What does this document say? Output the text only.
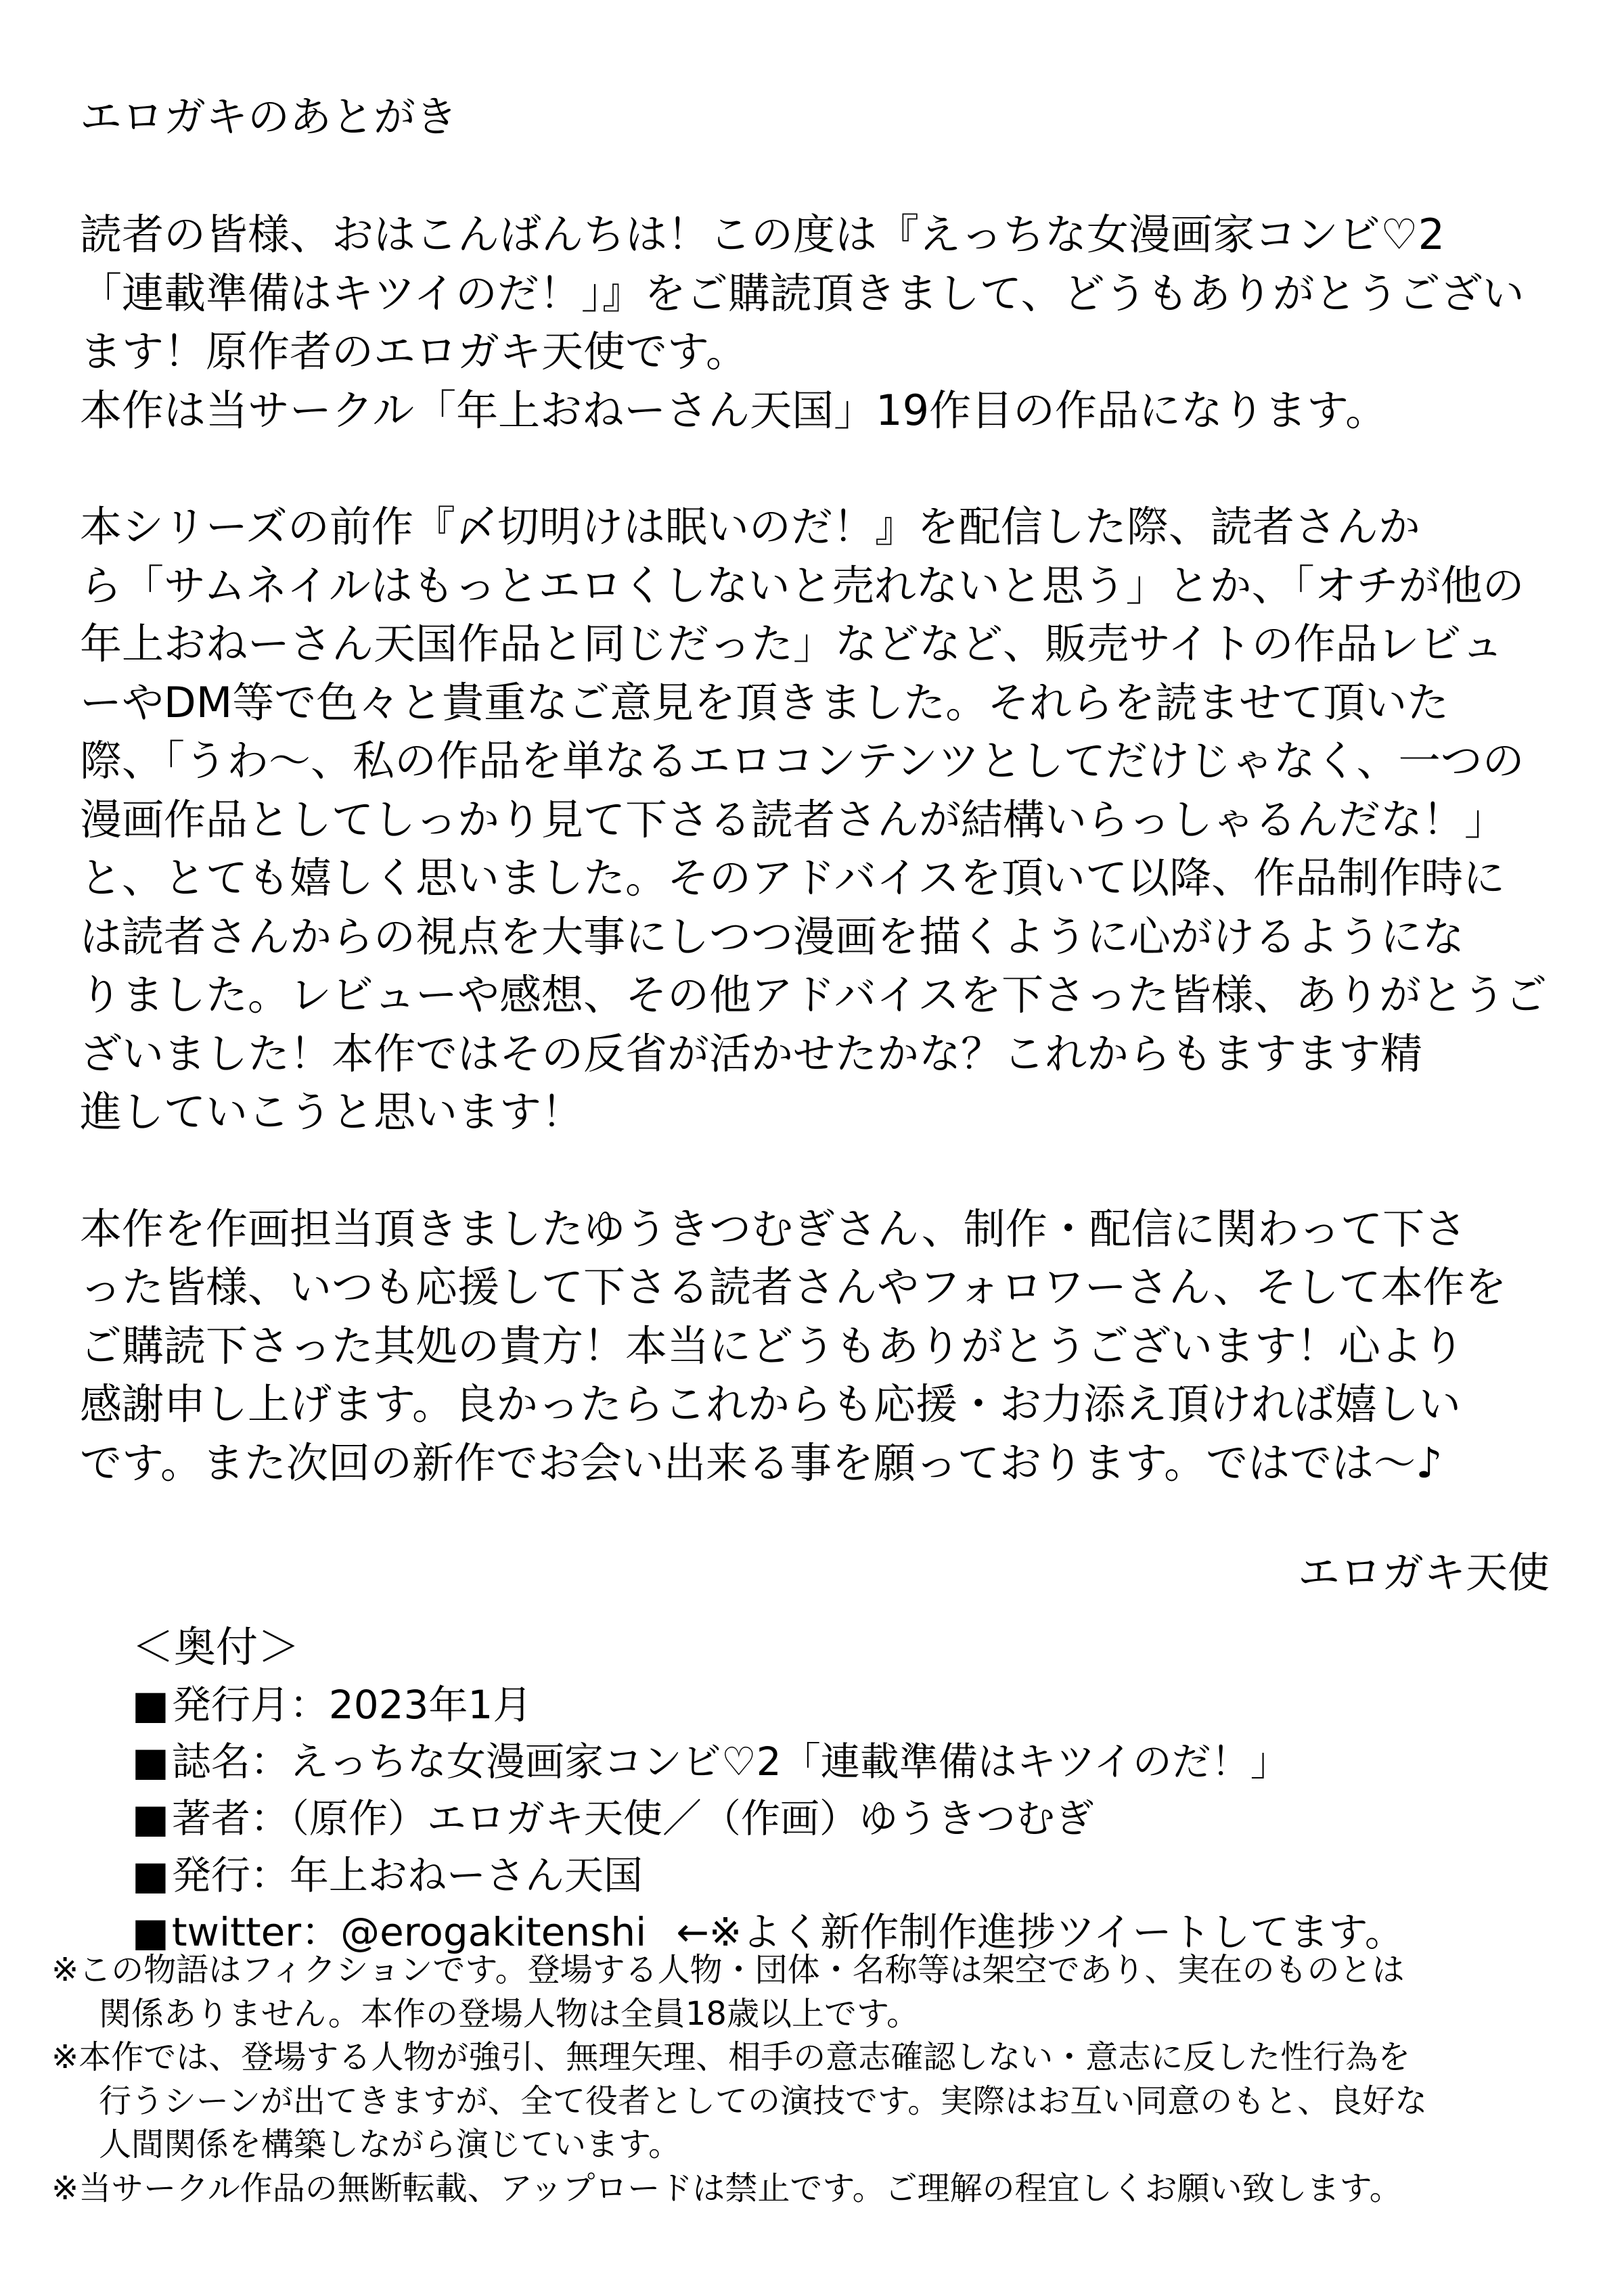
エロガキのあとがき
読者の皆様、おはこんばんちは！この度は『えっちな女漫画家コンビ♡2
「連載準備はキツイのだ！」』をご購読頂きまして、どうもありがとうござい
ます！原作者のエロガキ天使です。
本作は当サークル「年上おねーさん天国」19作目の作品になります。
本シリーズの前作『〆切明けは眠いのだ！』を配信した際、読者さんか
ら「サムネイルはもっとエロくしないと売れないと思う」とか、「オチが他の
年上おねーさん天国作品と同じだった」などなど、販売サイトの作品レビュ
ーやDM等で色々と貴重なご意見を頂きました。それらを読ませて頂いた
際、「うわ～、私の作品を単なるエロコンテンツとしてだけじゃなく、一つの
漫画作品としてしっかり見て下さる読者さんが結構いらっしゃるんだな！」
と、とても嬉しく思いました。そのアドバイスを頂いて以降、作品制作時に
は読者さんからの視点を大事にしつつ漫画を描くように心がけるようにな
りました。レビューや感想、その他アドバイスを下さった皆様、ありがとうご
ざいました！本作ではその反省が活かせたかな？これからもますます精
進していこうと思います！
本作を作画担当頂きましたゆうきつむぎさん、制作・配信に関わって下さ
った皆様、いつも応援して下さる読者さんやフォロワーさん、そして本作を
ご購読下さった其処の貴方！本当にどうもありがとうございます！心より
感謝申し上げます。良かったらこれからも応援・お力添え頂ければ嬉しい
です。また次回の新作でお会い出来る事を願っております。ではでは～♪
エロガキ天使
＜奥付＞
■発行月：2023年1月
■誌名：えっちな女漫画家コンビ♡2「連載準備はキツイのだ！」
■著者：（原作）エロガキ天使／（作画）ゆうきつむぎ
■発行：年上おねーさん天国
■twitter：@erogakitenshi ←※よく新作制作進捗ツイートしてます。
※この物語はフィクションです。登場する人物・団体・名称等は架空であり、実在のものとは
関係ありません。本作の登場人物は全員18歳以上です。
※本作では、登場する人物が強引、無理矢理、相手の意志確認しない・意志に反した性行為を
行うシーンが出てきますが、全て役者としての演技です。実際はお互い同意のもと、良好な
人間関係を構築しながら演じています。
※当サークル作品の無断転載、アップロードは禁止です。ご理解の程宜しくお願い致します。
